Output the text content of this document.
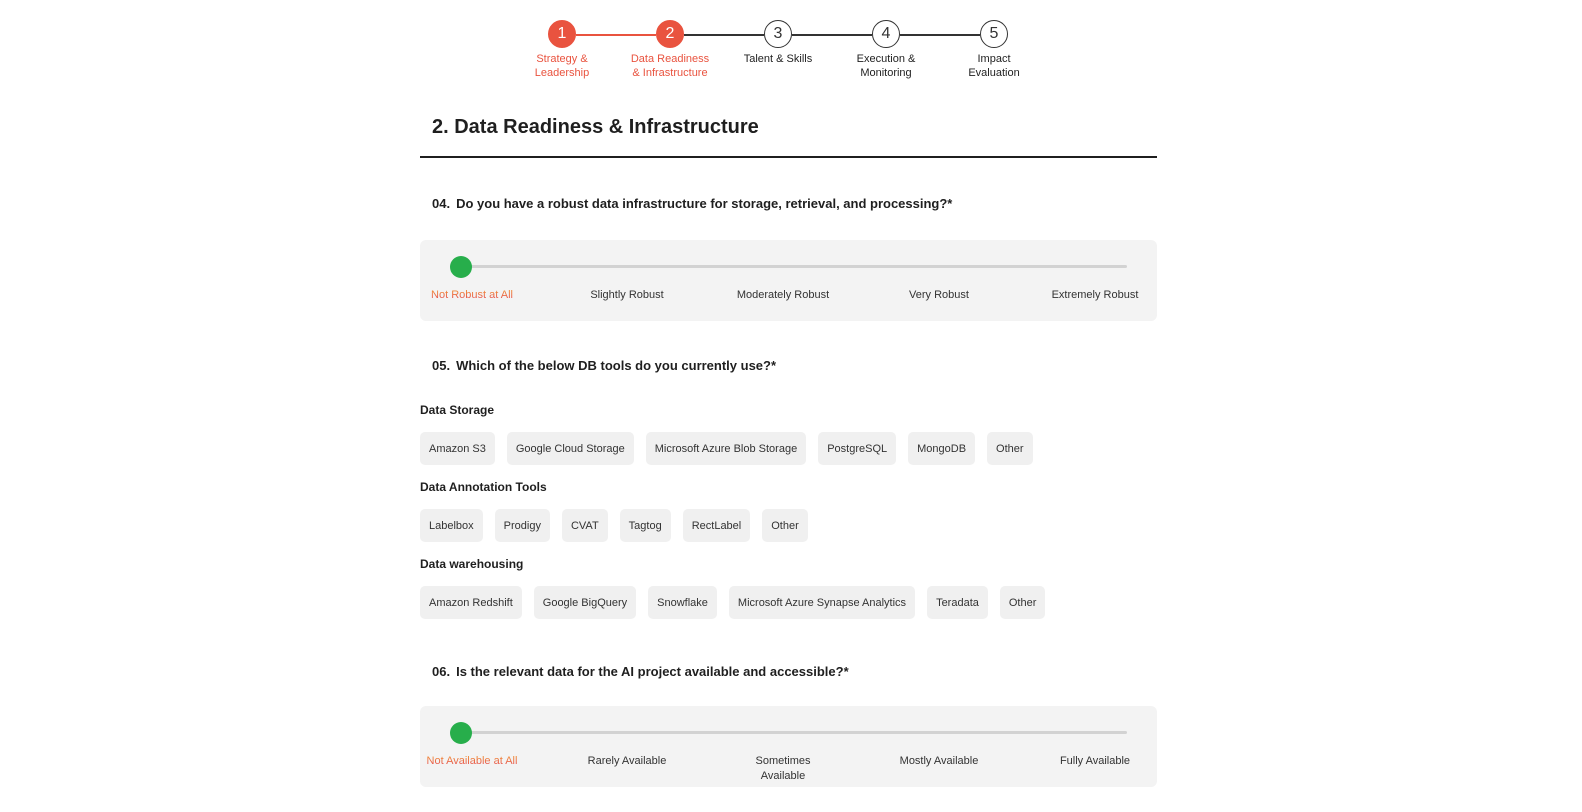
1
Strategy &
Leadership
2
Data Readiness
& Infrastructure
3
Talent & Skills
4
Execution &
Monitoring
5
Impact
Evaluation
2. Data Readiness & Infrastructure
04. Do you have a robust data infrastructure for storage, retrieval, and processing?*
Not Robust at All	Slightly Robust	Moderately Robust	Very Robust	Extremely Robust
05. Which of the below DB tools do you currently use?*
Data Storage
Amazon S3	Google Cloud Storage	Microsoft Azure Blob Storage	PostgreSQL	MongoDB	Other
Data Annotation Tools
Labelbox	Prodigy	CVAT	Tagtog	RectLabel	Other
Data warehousing
Amazon Redshift	Google BigQuery	Snowflake	Microsoft Azure Synapse Analytics	Teradata	Other
06. Is the relevant data for the AI project available and accessible?*
Not Available at All	Rarely Available	Sometimes Available
Mostly Available	Fully Available
